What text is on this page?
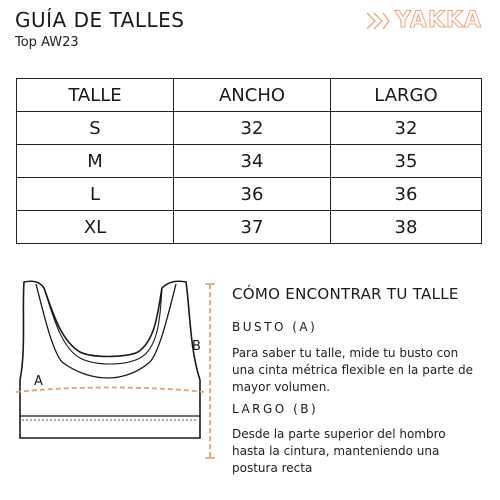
GUÍA DE TALLES
Top AW23
YAKKA
TALLE	ANCHO	LARGO
S	32	32
M	34	35
L	36	36
XL	37	38
A
B
CÓMO ENCONTRAR TU TALLE
BUSTO (A)
Para saber tu talle, mide tu busto con una cinta métrica flexible en la parte de mayor volumen.
LARGO (B)
Desde la parte superior del hombro hasta la cintura, manteniendo una postura recta
